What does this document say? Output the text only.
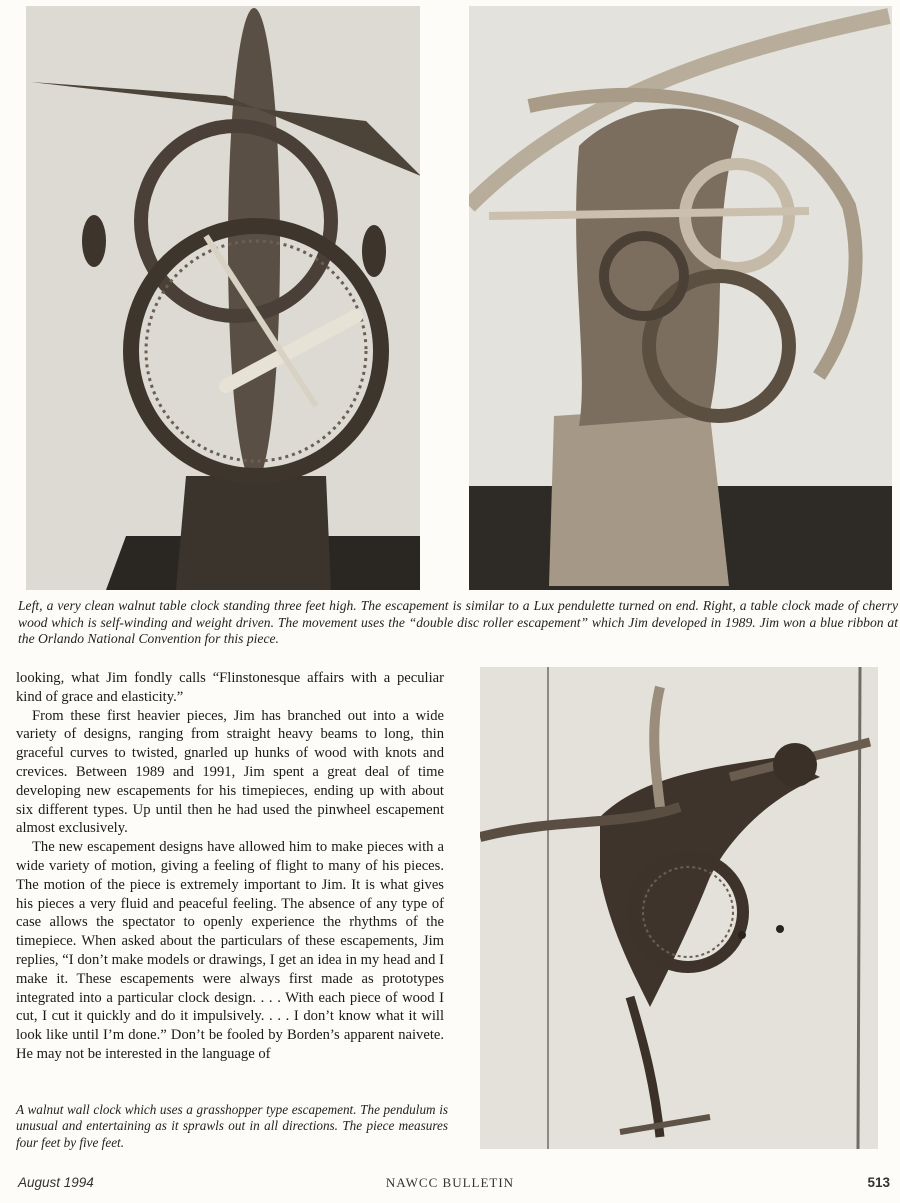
Left, a very clean walnut table clock standing three feet high. The escapement is similar to a Lux pendulette turned on end. Right, a table clock made of cherry wood which is self-winding and weight driven. The movement uses the “double disc roller escapement” which Jim developed in 1989. Jim won a blue ribbon at the Orlando National Convention for this piece.

looking, what Jim fondly calls “Flinstonesque affairs with a peculiar kind of grace and elasticity.”

From these first heavier pieces, Jim has branched out into a wide variety of designs, ranging from straight heavy beams to long, thin graceful curves to twisted, gnarled up hunks of wood with knots and crevices. Between 1989 and 1991, Jim spent a great deal of time developing new escapements for his timepieces, ending up with about six different types. Up until then he had used the pinwheel escapement almost exclusively.

The new escapement designs have allowed him to make pieces with a wide variety of motion, giving a feeling of flight to many of his pieces. The motion of the piece is extremely important to Jim. It is what gives his pieces a very fluid and peaceful feeling. The absence of any type of case allows the spectator to openly experience the rhythms of the timepiece. When asked about the particulars of these escapements, Jim replies, “I don’t make models or drawings, I get an idea in my head and I make it. These escapements were always first made as prototypes integrated into a particular clock design. . . . With each piece of wood I cut, I cut it quickly and do it impulsively. . . . I don’t know what it will look like until I’m done.” Don’t be fooled by Borden’s apparent naivete. He may not be interested in the language of

A walnut wall clock which uses a grasshopper type escapement. The pendulum is unusual and entertaining as it sprawls out in all directions. The piece measures four feet by five feet.
August 1994	NAWCC BULLETIN	513
